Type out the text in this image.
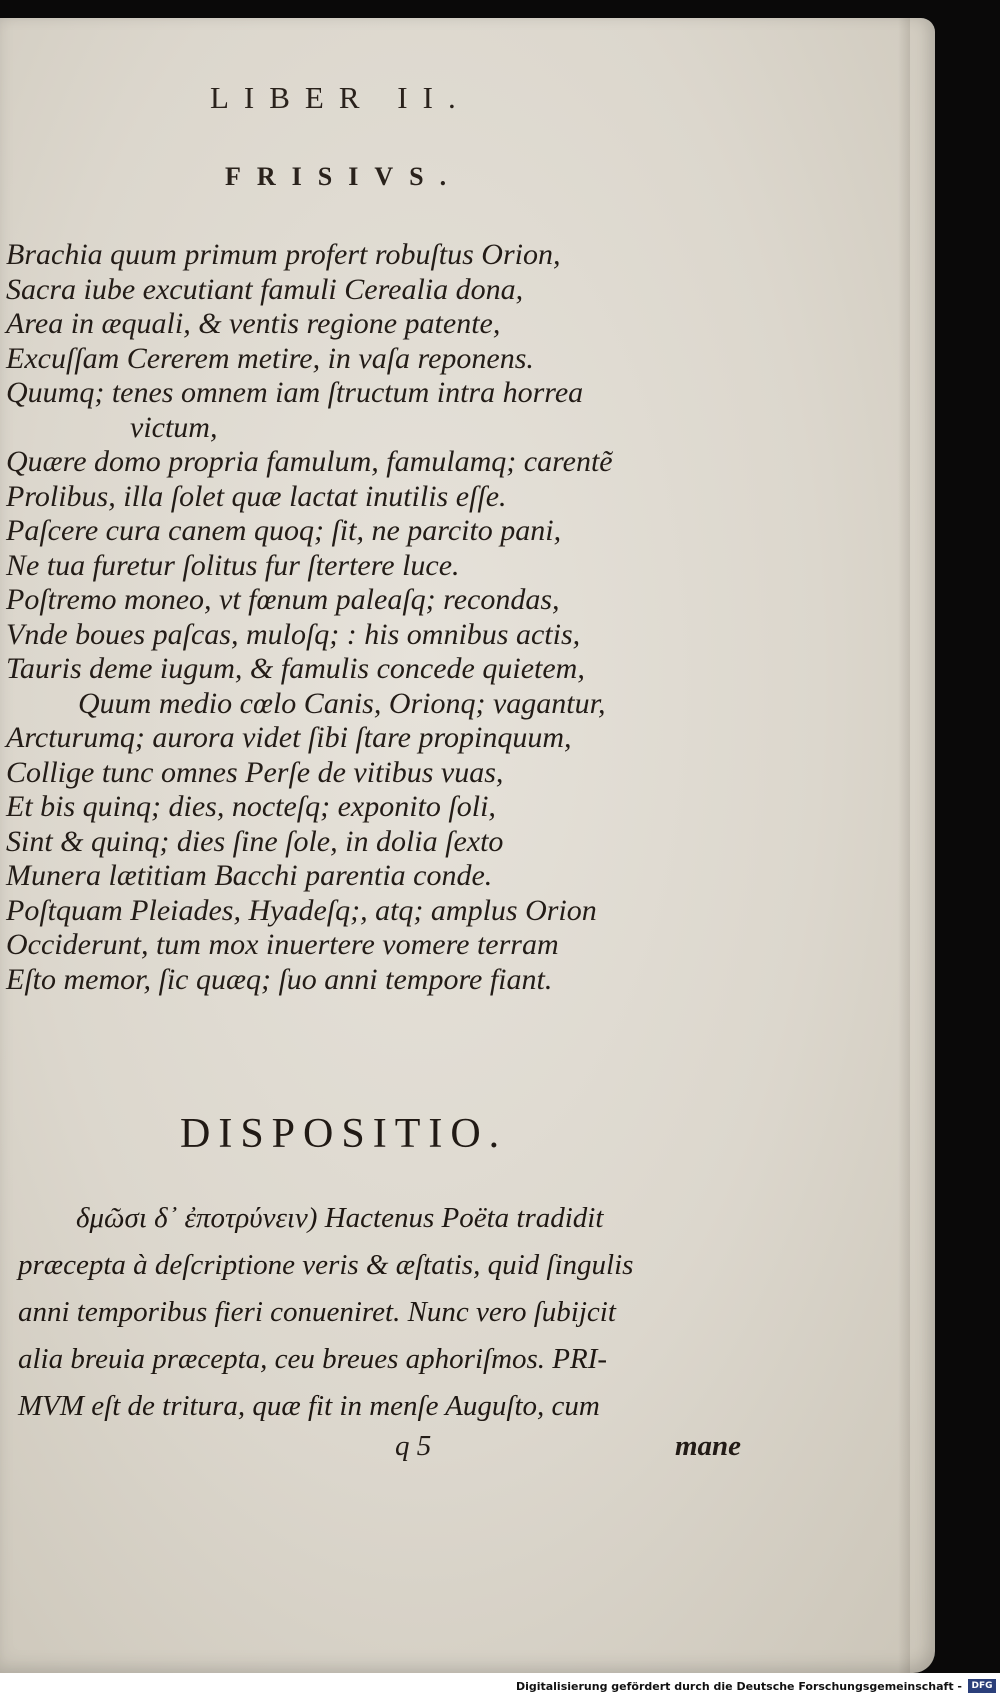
LIBER II.
FRISIVS.
Brachia quum primum profert robuſtus Orion,
Sacra iube excutiant famuli Cerealia dona,
Area in æquali, & ventis regione patente,
Excuſſam Cererem metire, in vaſa reponens.
Quumq; tenes omnem iam ſtructum intra horrea
victum,
Quære domo propria famulum, famulamq; carentẽ
Prolibus, illa ſolet quæ lactat inutilis eſſe.
Paſcere cura canem quoq; ſit, ne parcito pani,
Ne tua furetur ſolitus fur ſtertere luce.
Poſtremo moneo, vt fœnum paleaſq; recondas,
Vnde boues paſcas, muloſq; : his omnibus actis,
Tauris deme iugum, & famulis concede quietem,
Quum medio cœlo Canis, Orionq; vagantur,
Arcturumq; aurora videt ſibi ſtare propinquum,
Collige tunc omnes Perſe de vitibus vuas,
Et bis quinq; dies, nocteſq; exponito ſoli,
Sint & quinq; dies ſine ſole, in dolia ſexto
Munera lætitiam Bacchi parentia conde.
Poſtquam Pleiades, Hyadeſq;, atq; amplus Orion
Occiderunt, tum mox inuertere vomere terram
Eſto memor, ſic quæq; ſuo anni tempore fiant.
DISPOSITIO.
δμῶσι δ᾽ ἐποτρύνειν) Hactenus Poëta tradidit
præcepta à deſcriptione veris & æſtatis, quid ſingulis
anni temporibus fieri conueniret. Nunc vero ſubijcit
alia breuia præcepta, ceu breues aphoriſmos. PRI-
MVM eſt de tritura, quæ fit in menſe Auguſto, cum
q 5	mane
Digitalisierung gefördert durch die Deutsche Forschungsgemeinschaft -	DFG
